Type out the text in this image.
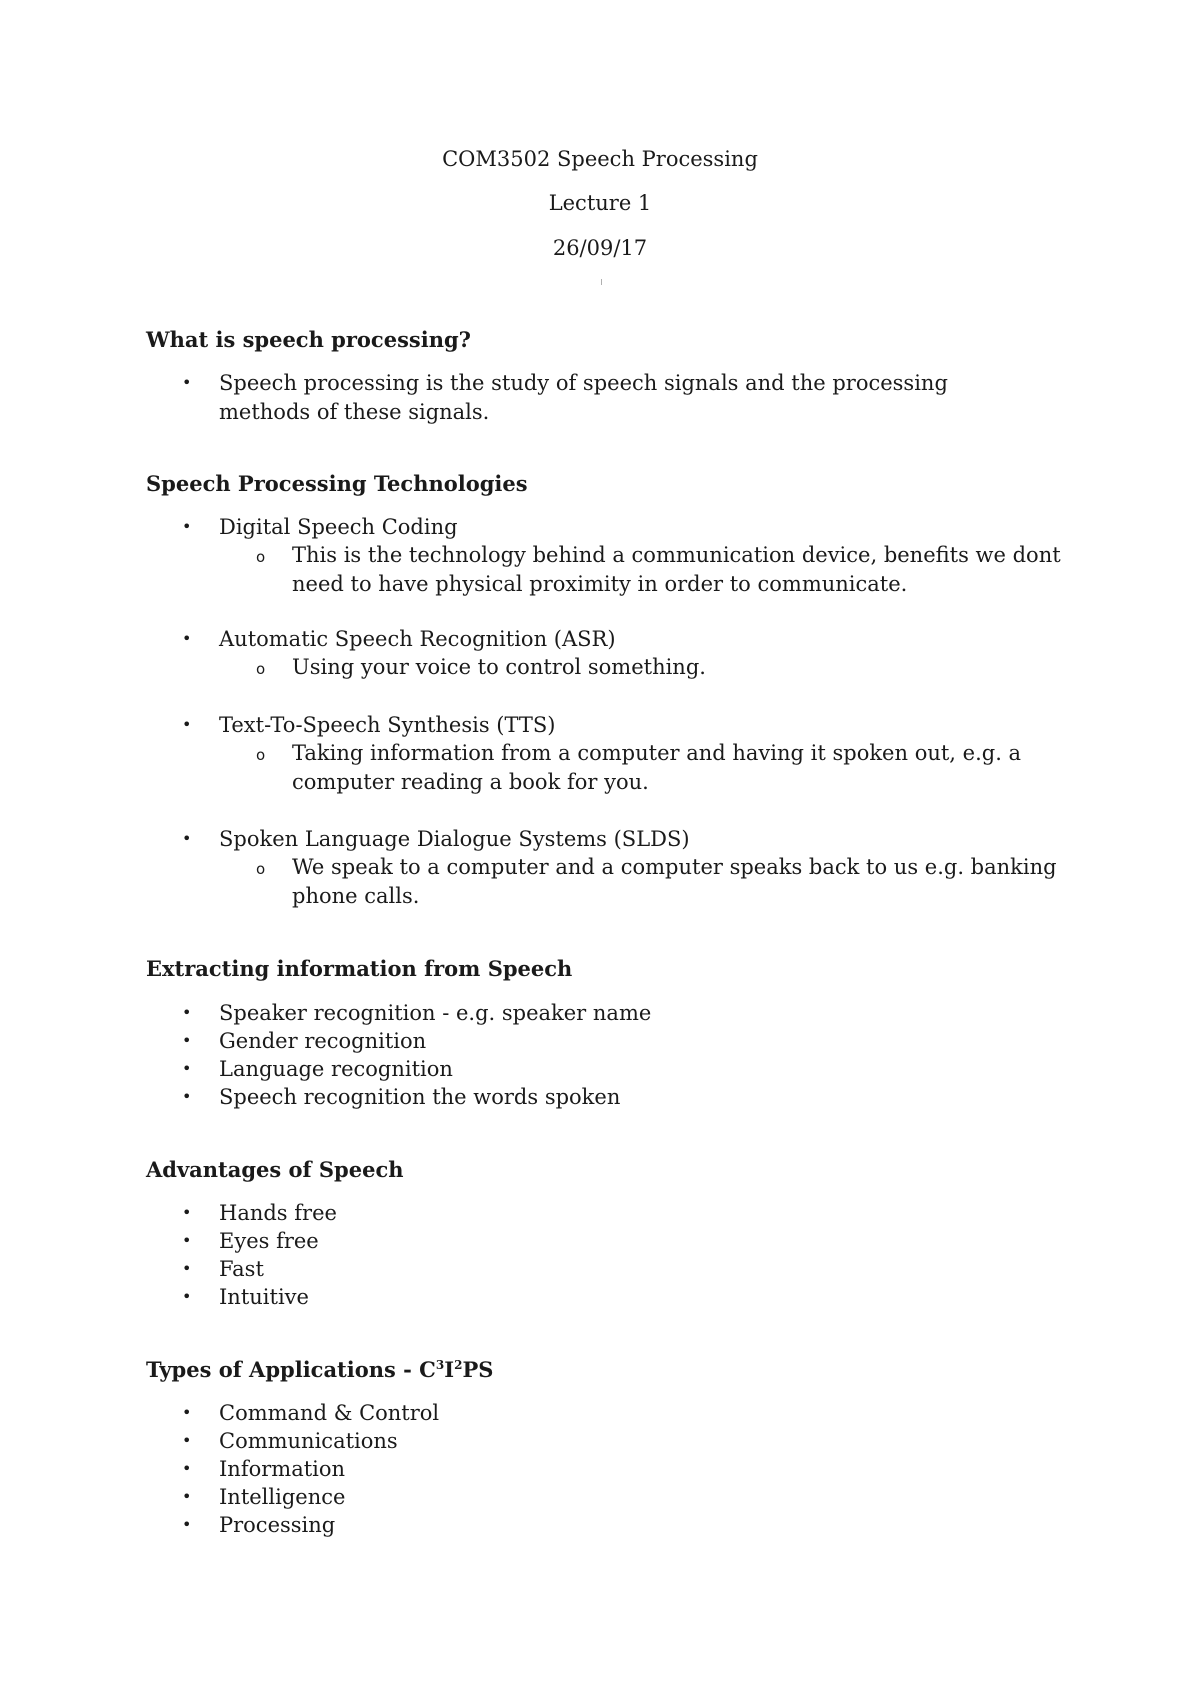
COM3502 Speech Processing
Lecture 1
26/09/17
What is speech processing?
• Speech processing is the study of speech signals and the processing methods of these signals.
Speech Processing Technologies
• Digital Speech Coding
o This is the technology behind a communication device, benefits we dont need to have physical proximity in order to communicate.
• Automatic Speech Recognition (ASR)
o Using your voice to control something.
• Text-To-Speech Synthesis (TTS)
o Taking information from a computer and having it spoken out, e.g. a computer reading a book for you.
• Spoken Language Dialogue Systems (SLDS)
o We speak to a computer and a computer speaks back to us e.g. banking phone calls.
Extracting information from Speech
• Speaker recognition - e.g. speaker name
• Gender recognition
• Language recognition
• Speech recognition the words spoken
Advantages of Speech
• Hands free
• Eyes free
• Fast
• Intuitive
Types of Applications - $C^3I^2PS$
• Command & Control
• Communications
• Information
• Intelligence
• Processing
